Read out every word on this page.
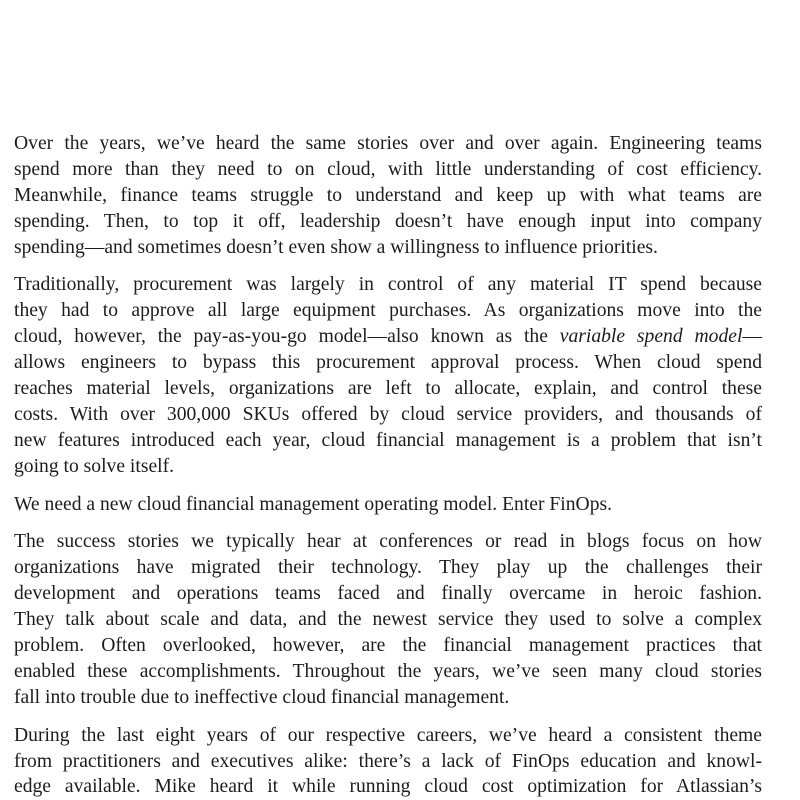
Over the years, we’ve heard the same stories over and over again. Engineering teams
spend more than they need to on cloud, with little understanding of cost efficiency.
Meanwhile, finance teams struggle to understand and keep up with what teams are
spending. Then, to top it off, leadership doesn’t have enough input into company
spending—and sometimes doesn’t even show a willingness to influence priorities.

Traditionally, procurement was largely in control of any material IT spend because
they had to approve all large equipment purchases. As organizations move into the
cloud, however, the pay-as-you-go model—also known as the variable spend model—
allows engineers to bypass this procurement approval process. When cloud spend
reaches material levels, organizations are left to allocate, explain, and control these
costs. With over 300,000 SKUs offered by cloud service providers, and thousands of
new features introduced each year, cloud financial management is a problem that isn’t
going to solve itself.

We need a new cloud financial management operating model. Enter FinOps.

The success stories we typically hear at conferences or read in blogs focus on how
organizations have migrated their technology. They play up the challenges their
development and operations teams faced and finally overcame in heroic fashion.
They talk about scale and data, and the newest service they used to solve a complex
problem. Often overlooked, however, are the financial management practices that
enabled these accomplishments. Throughout the years, we’ve seen many cloud stories
fall into trouble due to ineffective cloud financial management.

During the last eight years of our respective careers, we’ve heard a consistent theme
from practitioners and executives alike: there’s a lack of FinOps education and knowl-
edge available. Mike heard it while running cloud cost optimization for Atlassian’s
